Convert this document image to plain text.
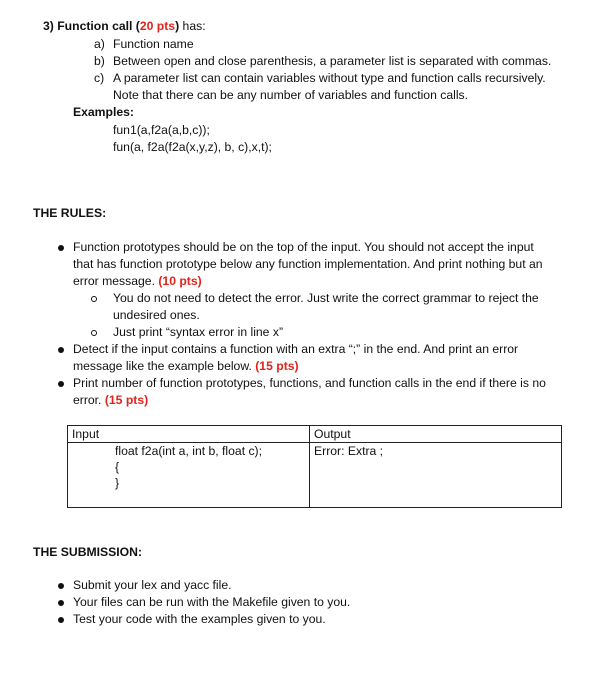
3) Function call (20 pts) has:
a) Function name
b) Between open and close parenthesis, a parameter list is separated with commas.
c) A parameter list can contain variables without type and function calls recursively.
Note that there can be any number of variables and function calls.
Examples:
fun1(a,f2a(a,b,c));
fun(a, f2a(f2a(x,y,z), b, c),x,t);
THE RULES:
Function prototypes should be on the top of the input. You should not accept the input
that has function prototype below any function implementation. And print nothing but an
error message. (10 pts)
You do not need to detect the error. Just write the correct grammar to reject the
undesired ones.
Just print “syntax error in line x”
Detect if the input contains a function with an extra “;” in the end. And print an error
message like the example below. (15 pts)
Print number of function prototypes, functions, and function calls in the end if there is no
error. (15 pts)
Input	Output

float f2a(int a, int b, float c);
{
}	Error: Extra ;
THE SUBMISSION:
Submit your lex and yacc file.
Your files can be run with the Makefile given to you.
Test your code with the examples given to you.
